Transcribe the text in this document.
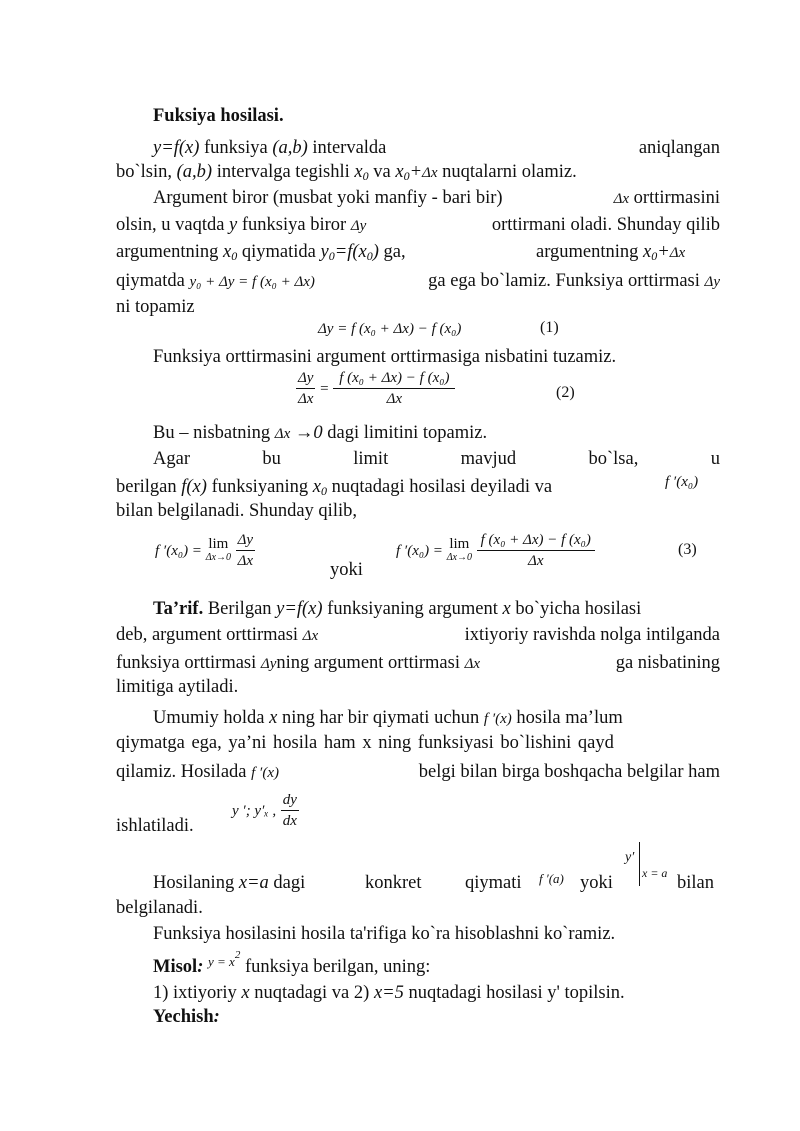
Fuksiya hosilasi.
y=f(x) funksiya (a,b) intervalda	aniqlangan
bo`lsin, (a,b) intervalga tegishli $x_0$ va $x_0+\Delta x$ nuqtalarni olamiz.
Argument biror (musbat yoki manfiy - bari bir)	Δx orttirmasini
olsin, u vaqtda y funksiya biror Δy	orttirmani oladi. Shunday qilib
argumentning $x_0$ qiymatida $y_0=f(x_0)$ ga,	argumentning $x_0+\Delta x$
qiymatda y₀ + Δy = f (x₀ + Δx)	ga ega bo`lamiz. Funksiya orttirmasi Δy
ni topamiz
Δy = f (x₀ + Δx) − f (x₀)	(1)
Funksiya orttirmasini argument orttirmasiga nisbatini tuzamiz.
$\frac{\Delta y}{\Delta x} = \frac{\text{f (x₀ + Δx) − f (x₀)}}{\Delta x}$	(2)
Bu – nisbatning Δx →0 dagi limitini topamiz.
Agar	bu	limit	mavjud	bo`lsa,	u
berilgan f(x) funksiyaning $x_0$ nuqtadagi hosilasi deyiladi va	f ′(x₀)
bilan belgilanadi. Shunday qilib,
f ′(x₀) = lim
Δx→0
$\frac{\Delta y}{\Delta x}$	yoki
f ′(x₀) = lim
Δx→0
$\frac{\text{f (x₀ + Δx) − f (x₀)}}{\Delta x}$	(3)
Ta’rif. Berilgan y=f(x) funksiyaning argument x bo`yicha hosilasi
deb, argument orttirmasi Δx	ixtiyoriy ravishda nolga intilganda
funksiya orttirmasi Δyning argument orttirmasi Δx	ga nisbatining
limitiga aytiladi.
Umumiy holda x ning har bir qiymati uchun f ′(x) hosila ma’lum
qiymatga ega, ya’ni hosila ham x ning funksiyasi bo`lishini qayd
qilamiz. Hosilada f ′(x)	belgi bilan birga boshqacha belgilar ham
ishlatiladi.
y ′; y′ₓ , $\frac{dy}{dx}$
Hosilaning x=a dagi	konkret qiymati f ′(a) yoki	bilan
y′
x = a
belgilanadi.
Funksiya hosilasini hosila ta'rifiga ko`ra hisoblashni ko`ramiz.
Misol: $^{y = x^2}$ funksiya berilgan, uning:
1) ixtiyoriy x nuqtadagi va 2) x=5 nuqtadagi hosilasi y' topilsin.
Yechish:
